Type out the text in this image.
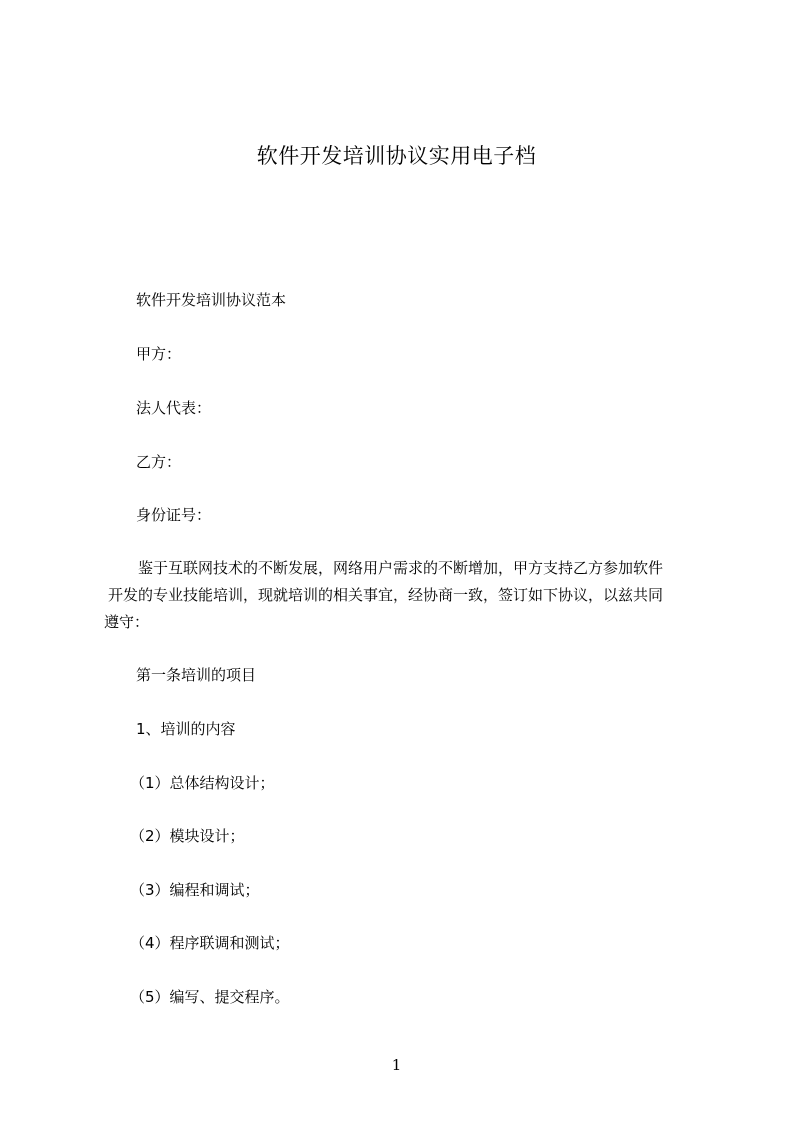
软件开发培训协议实用电子档

软件开发培训协议范本

甲方：

法人代表：

乙方：

身份证号：

鉴于互联网技术的不断发展，网络用户需求的不断增加，甲方支持乙方参加软件

开发的专业技能培训，现就培训的相关事宜，经协商一致，签订如下协议，以兹共同

遵守：

第一条培训的项目

1、培训的内容

（1）总体结构设计；

（2）模块设计；

（3）编程和调试；

（4）程序联调和测试；

（5）编写、提交程序。

1
